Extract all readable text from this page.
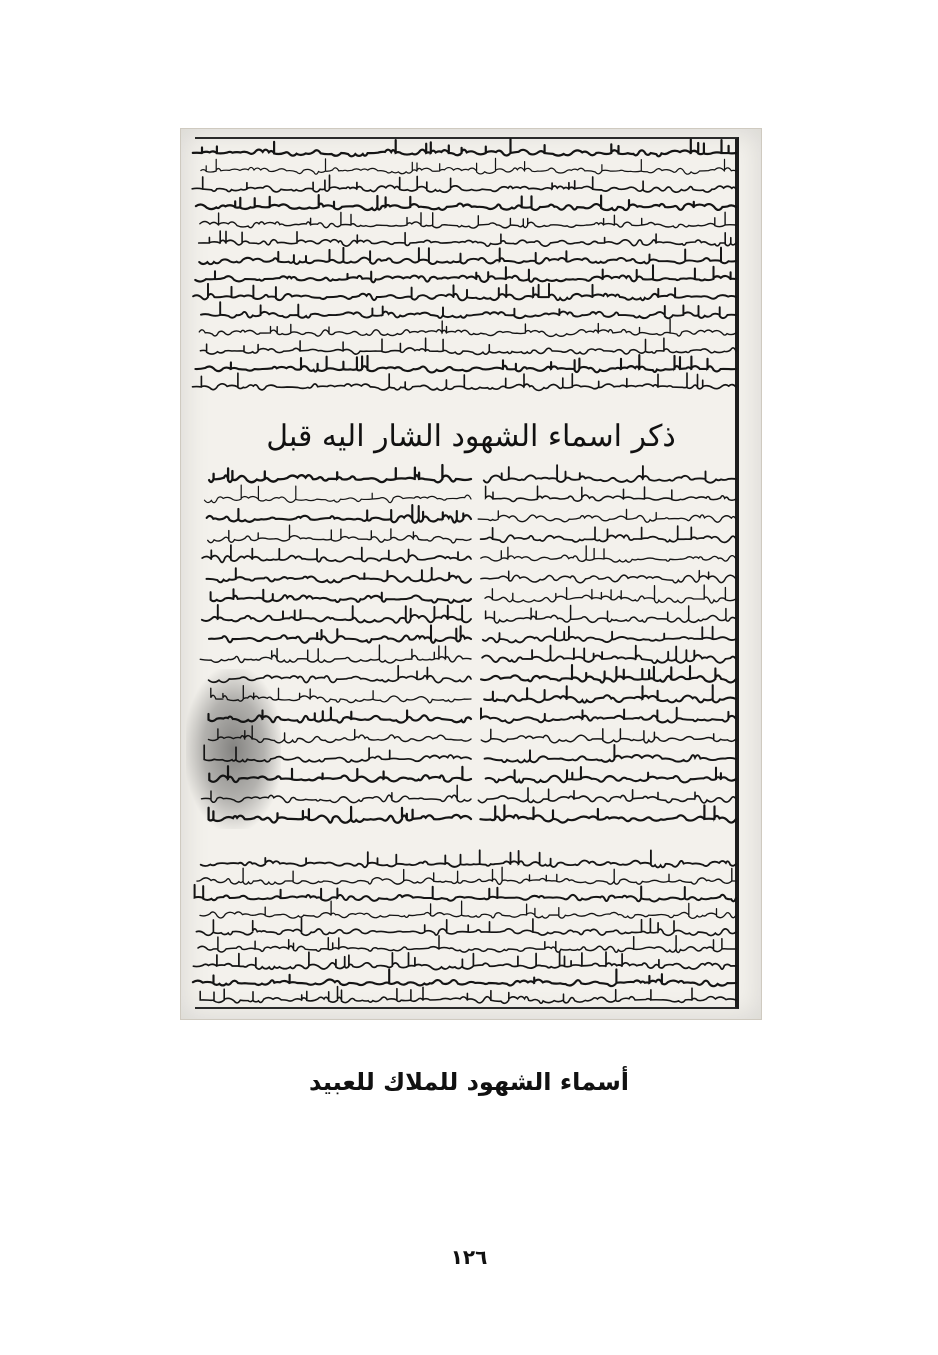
ذكر اسماء الشهود الشار اليه قبل
أسماء الشهود للملاك للعبيد
١٢٦
